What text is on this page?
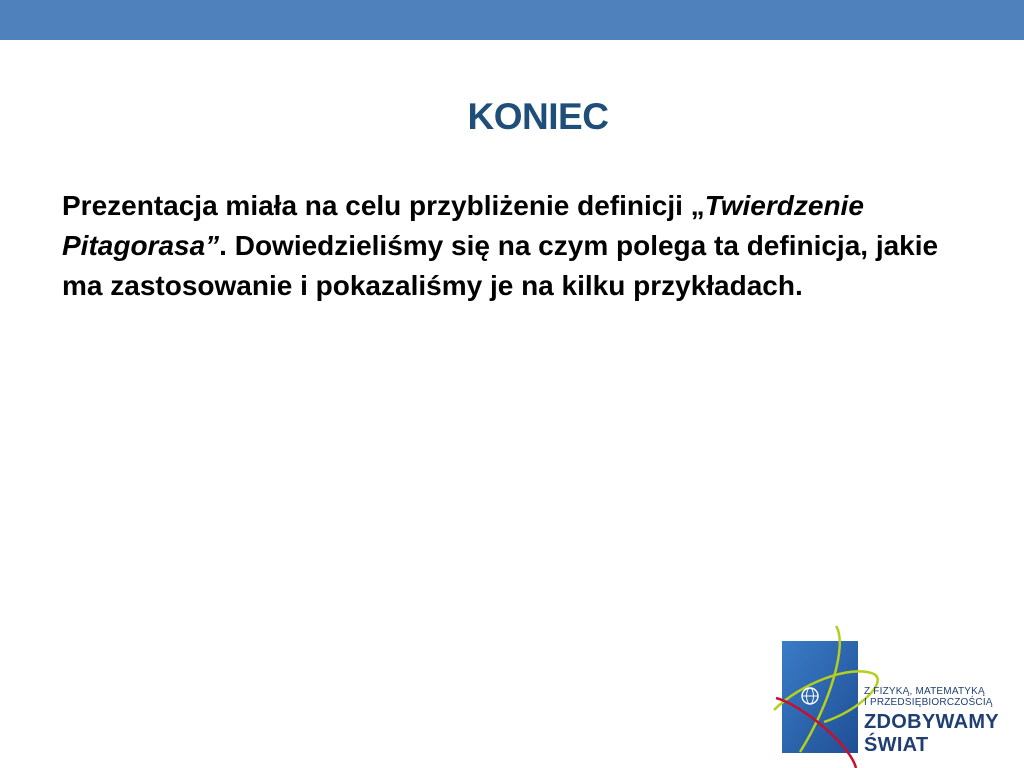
KONIEC

Prezentacja miała na celu przybliżenie definicji „Twierdzenie Pitagorasa”. Dowiedzieliśmy się na czym polega ta definicja, jakie ma zastosowanie i pokazaliśmy je na kilku przykładach.

Z FIZYKĄ, MATEMATYKĄ
I PRZEDSIĘBIORCZOŚCIĄ
ZDOBYWAMY
ŚWIAT
